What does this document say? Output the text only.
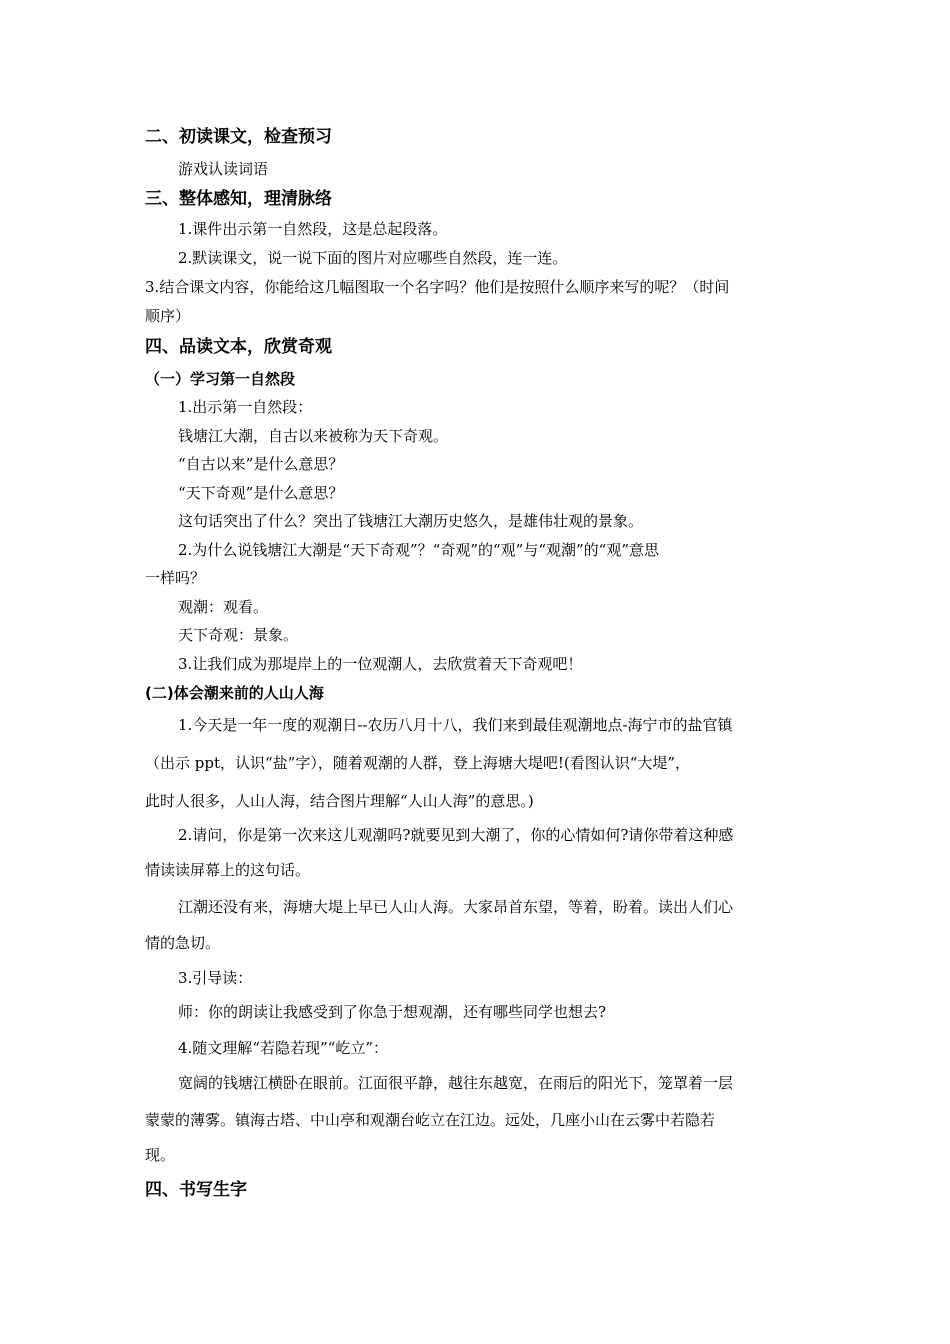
二、初读课文，检查预习
游戏认读词语
三、整体感知，理清脉络
1.课件出示第一自然段，这是总起段落。
2.默读课文，说一说下面的图片对应哪些自然段，连一连。
3.结合课文内容，你能给这几幅图取一个名字吗？他们是按照什么顺序来写的呢？（时间
顺序）
四、品读文本，欣赏奇观
（一）学习第一自然段
1.出示第一自然段：
钱塘江大潮，自古以来被称为天下奇观。
“自古以来”是什么意思？
“天下奇观”是什么意思？
这句话突出了什么？突出了钱塘江大潮历史悠久，是雄伟壮观的景象。
2.为什么说钱塘江大潮是“天下奇观”？“奇观”的“观”与“观潮”的“观”意思
一样吗？
观潮：观看。
天下奇观：景象。
3.让我们成为那堤岸上的一位观潮人，去欣赏着天下奇观吧！
(二)体会潮来前的人山人海
1.今天是一年一度的观潮日--农历八月十八，我们来到最佳观潮地点-海宁市的盐官镇
（出示 ppt，认识“盐”字），随着观潮的人群，登上海塘大堤吧!(看图认识“大堤”，
此时人很多，人山人海，结合图片理解“人山人海”的意思。)
2.请问，你是第一次来这儿观潮吗?就要见到大潮了，你的心情如何?请你带着这种感
情读读屏幕上的这句话。
江潮还没有来，海塘大堤上早已人山人海。大家昂首东望，等着，盼着。读出人们心
情的急切。
3.引导读：
师：你的朗读让我感受到了你急于想观潮，还有哪些同学也想去?
4.随文理解“若隐若现”“屹立”：
宽阔的钱塘江横卧在眼前。江面很平静，越往东越宽，在雨后的阳光下，笼罩着一层
蒙蒙的薄雾。镇海古塔、中山亭和观潮台屹立在江边。远处，几座小山在云雾中若隐若
现。
四、书写生字
